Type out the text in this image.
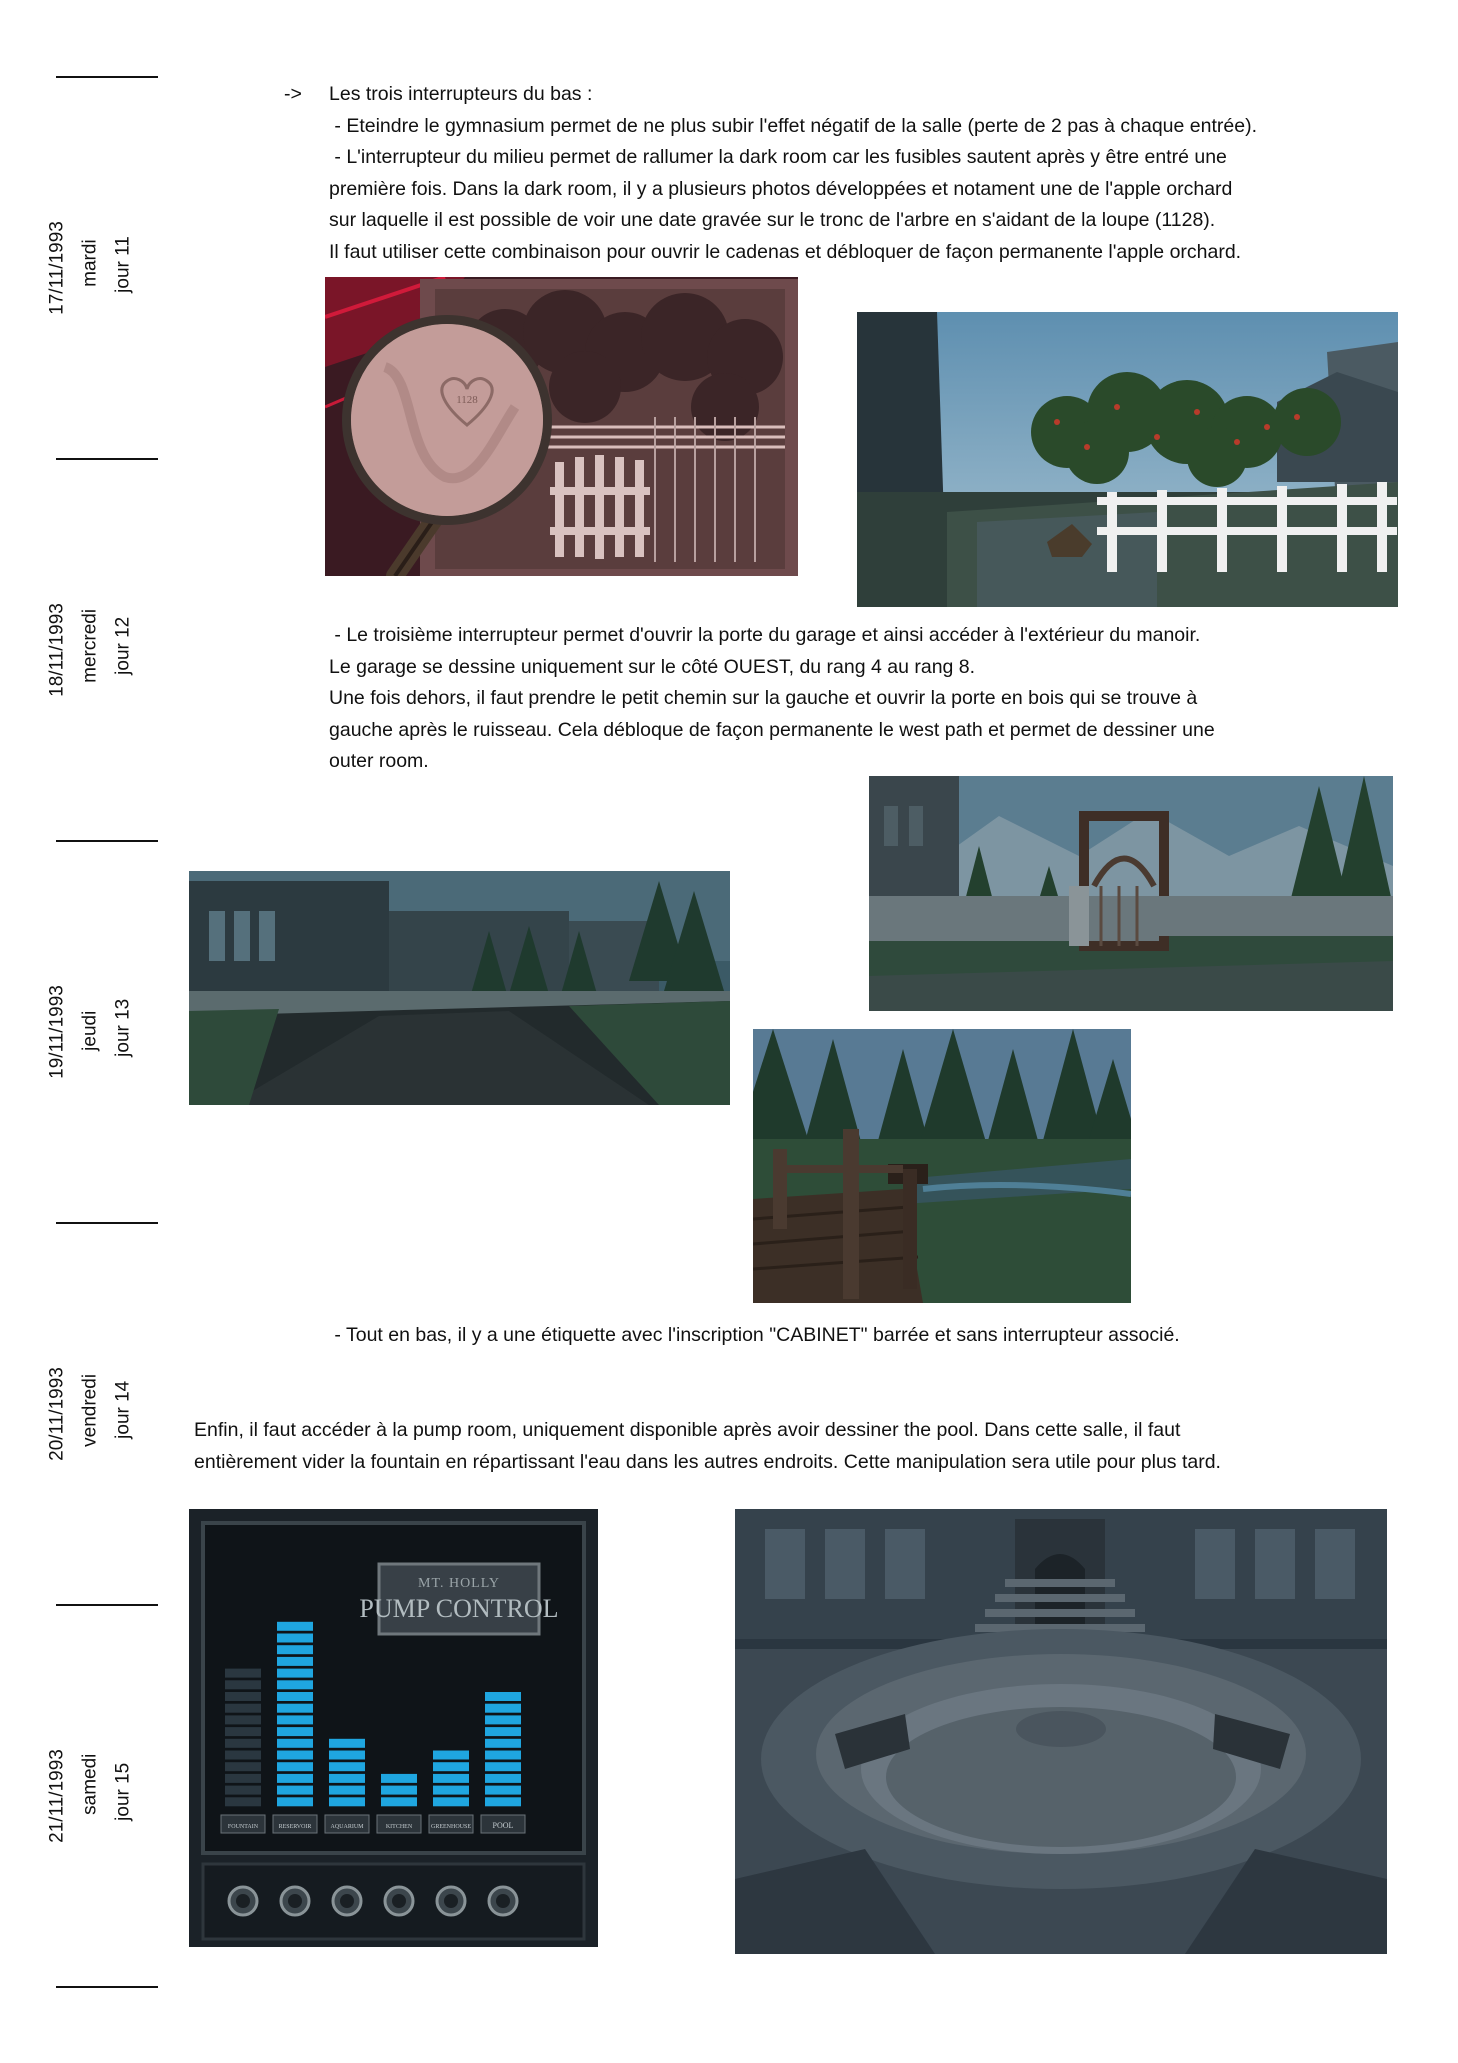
17/11/1993 mardi jour 11
18/11/1993 mercredi jour 12
19/11/1993 jeudi jour 13
20/11/1993 vendredi jour 14
21/11/1993 samedi jour 15
-> Les trois interrupteurs du bas :
- Eteindre le gymnasium permet de ne plus subir l'effet négatif de la salle (perte de 2 pas à chaque entrée).
- L'interrupteur du milieu permet de rallumer la dark room car les fusibles sautent après y être entré une
première fois. Dans la dark room, il y a plusieurs photos développées et notament une de l'apple orchard
sur laquelle il est possible de voir une date gravée sur le tronc de l'arbre en s'aidant de la loupe (1128).
Il faut utiliser cette combinaison pour ouvrir le cadenas et débloquer de façon permanente l'apple orchard.
1128
- Le troisième interrupteur permet d'ouvrir la porte du garage et ainsi accéder à l'extérieur du manoir.
Le garage se dessine uniquement sur le côté OUEST, du rang 4 au rang 8.
Une fois dehors, il faut prendre le petit chemin sur la gauche et ouvrir la porte en bois qui se trouve à
gauche après le ruisseau. Cela débloque de façon permanente le west path et permet de dessiner une
outer room.
- Tout en bas, il y a une étiquette avec l'inscription "CABINET" barrée et sans interrupteur associé.
Enfin, il faut accéder à la pump room, uniquement disponible après avoir dessiner the pool. Dans cette salle, il faut
entièrement vider la fountain en répartissant l'eau dans les autres endroits. Cette manipulation sera utile pour plus tard.
MT. HOLLY
PUMP CONTROL
FOUNTAIN	RESERVOIR	AQUARIUM	KITCHEN	GREENHOUSE	POOL
